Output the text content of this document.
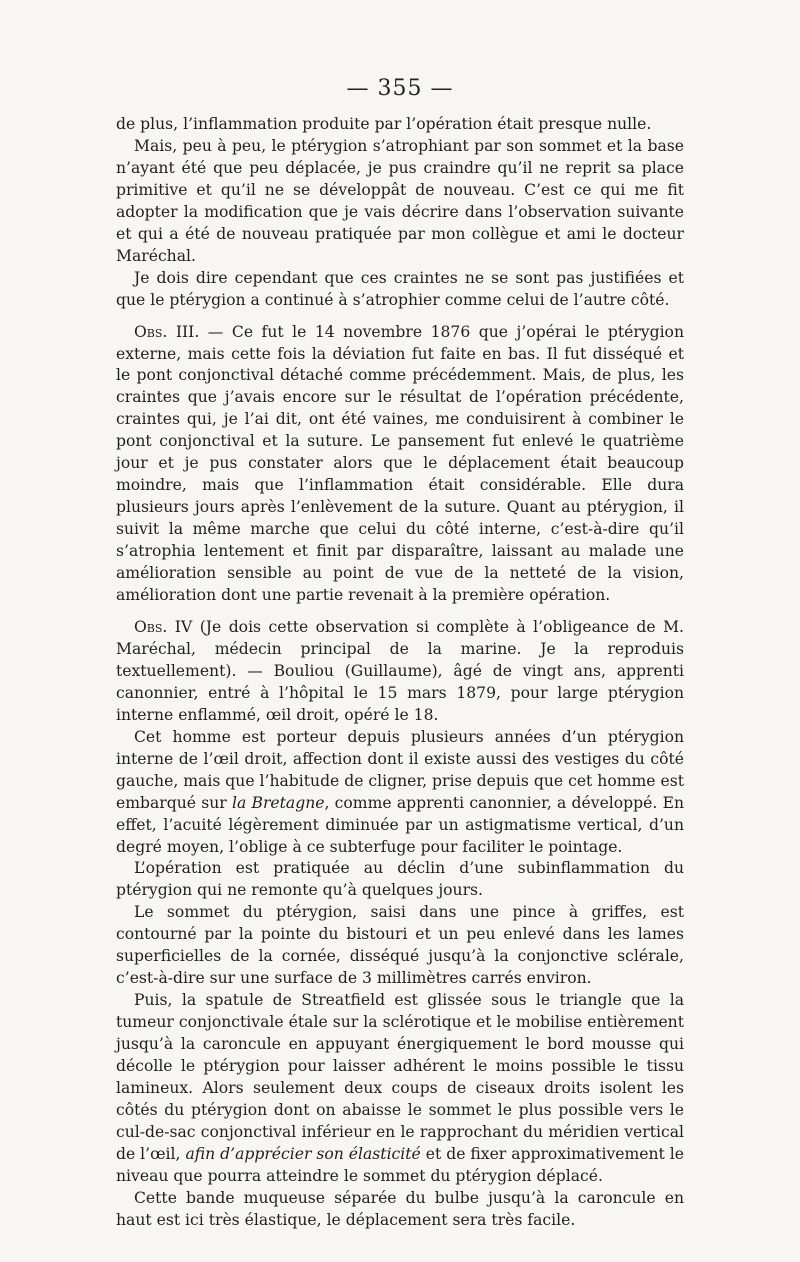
— 355 —

de plus, l’inflammation produite par l’opération était presque nulle.

Mais, peu à peu, le ptérygion s’atrophiant par son sommet et la base n’ayant été que peu déplacée, je pus craindre qu’il ne reprit sa place primitive et qu’il ne se développât de nouveau. C’est ce qui me fit adopter la modification que je vais décrire dans l’observation suivante et qui a été de nouveau pratiquée par mon collègue et ami le docteur Maréchal.

Je dois dire cependant que ces craintes ne se sont pas justifiées et que le ptérygion a continué à s’atrophier comme celui de l’autre côté.

Obs. III. — Ce fut le 14 novembre 1876 que j’opérai le ptérygion externe, mais cette fois la déviation fut faite en bas. Il fut disséqué et le pont conjonctival détaché comme précédemment. Mais, de plus, les craintes que j’avais encore sur le résultat de l’opération précédente, craintes qui, je l’ai dit, ont été vaines, me conduisirent à combiner le pont conjonctival et la suture. Le pansement fut enlevé le quatrième jour et je pus constater alors que le déplacement était beaucoup moindre, mais que l’inflammation était considérable. Elle dura plusieurs jours après l’enlèvement de la suture. Quant au ptérygion, il suivit la même marche que celui du côté interne, c’est-à-dire qu’il s’atrophia lentement et finit par disparaître, laissant au malade une amélioration sensible au point de vue de la netteté de la vision, amélioration dont une partie revenait à la première opération.

Obs. IV (Je dois cette observation si complète à l’obligeance de M. Maréchal, médecin principal de la marine. Je la reproduis textuellement). — Bouliou (Guillaume), âgé de vingt ans, apprenti canonnier, entré à l’hôpital le 15 mars 1879, pour large ptérygion interne enflammé, œil droit, opéré le 18.

Cet homme est porteur depuis plusieurs années d’un ptérygion interne de l’œil droit, affection dont il existe aussi des vestiges du côté gauche, mais que l’habitude de cligner, prise depuis que cet homme est embarqué sur la Bretagne, comme apprenti canonnier, a développé. En effet, l’acuité légèrement diminuée par un astigmatisme vertical, d’un degré moyen, l’oblige à ce subterfuge pour faciliter le pointage.

L’opération est pratiquée au déclin d’une subinflammation du ptérygion qui ne remonte qu’à quelques jours.

Le sommet du ptérygion, saisi dans une pince à griffes, est contourné par la pointe du bistouri et un peu enlevé dans les lames superficielles de la cornée, disséqué jusqu’à la conjonctive sclérale, c’est-à-dire sur une surface de 3 millimètres carrés environ.

Puis, la spatule de Streatfield est glissée sous le triangle que la tumeur conjonctivale étale sur la sclérotique et le mobilise entièrement jusqu’à la caroncule en appuyant énergiquement le bord mousse qui décolle le ptérygion pour laisser adhérent le moins possible le tissu lamineux. Alors seulement deux coups de ciseaux droits isolent les côtés du ptérygion dont on abaisse le sommet le plus possible vers le cul-de-sac conjonctival inférieur en le rapprochant du méridien vertical de l’œil, afin d’apprécier son élasticité et de fixer approximativement le niveau que pourra atteindre le sommet du ptérygion déplacé.

Cette bande muqueuse séparée du bulbe jusqu’à la caroncule en haut est ici très élastique, le déplacement sera très facile.
